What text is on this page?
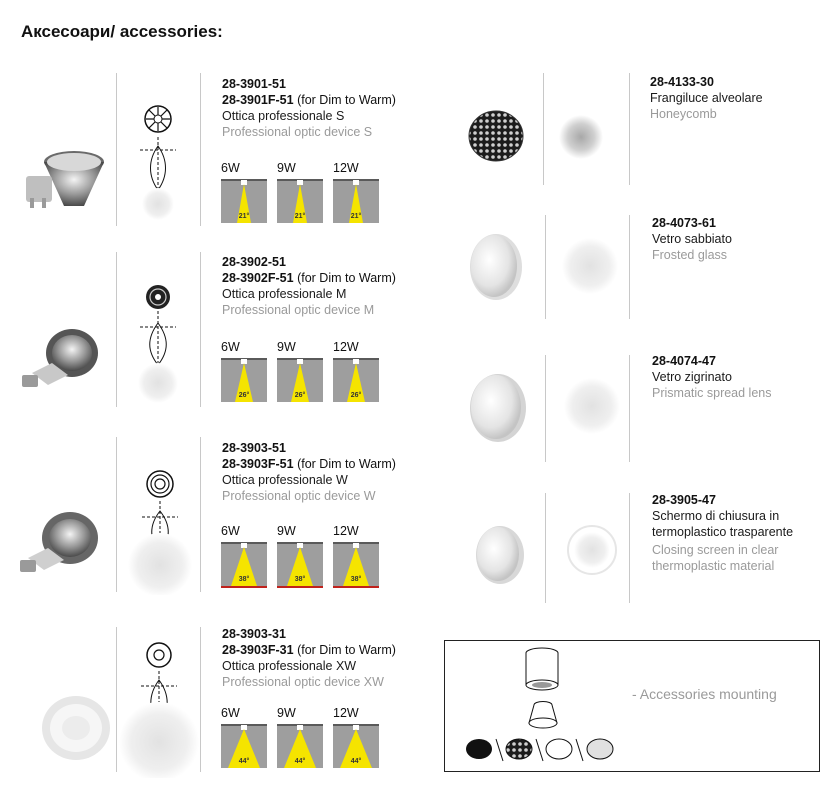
Аксесоари/ accessories:
28-3901-51
28-3901F-51 (for Dim to Warm)
Ottica professionale S
Professional optic device S
28-3902-51
28-3902F-51 (for Dim to Warm)
Ottica professionale M
Professional optic device M
28-3903-51
28-3903F-51 (for Dim to Warm)
Ottica professionale W
Professional optic device W
28-3903-31
28-3903F-31 (for Dim to Warm)
Ottica professionale XW
Professional optic device XW
6W
21°
9W
21°
12W
21°
6W
26°
9W
26°
12W
26°
6W
38°
9W
38°
12W
38°
6W
44°
9W
44°
12W
44°
28-4133-30
Frangiluce alveolare
Honeycomb
28-4073-61
Vetro sabbiato
Frosted glass
28-4074-47
Vetro zigrinato
Prismatic spread lens
28-3905-47
Schermo di chiusura in
termoplastico trasparente
Closing screen in clear
thermoplastic material
- Accessories mounting
